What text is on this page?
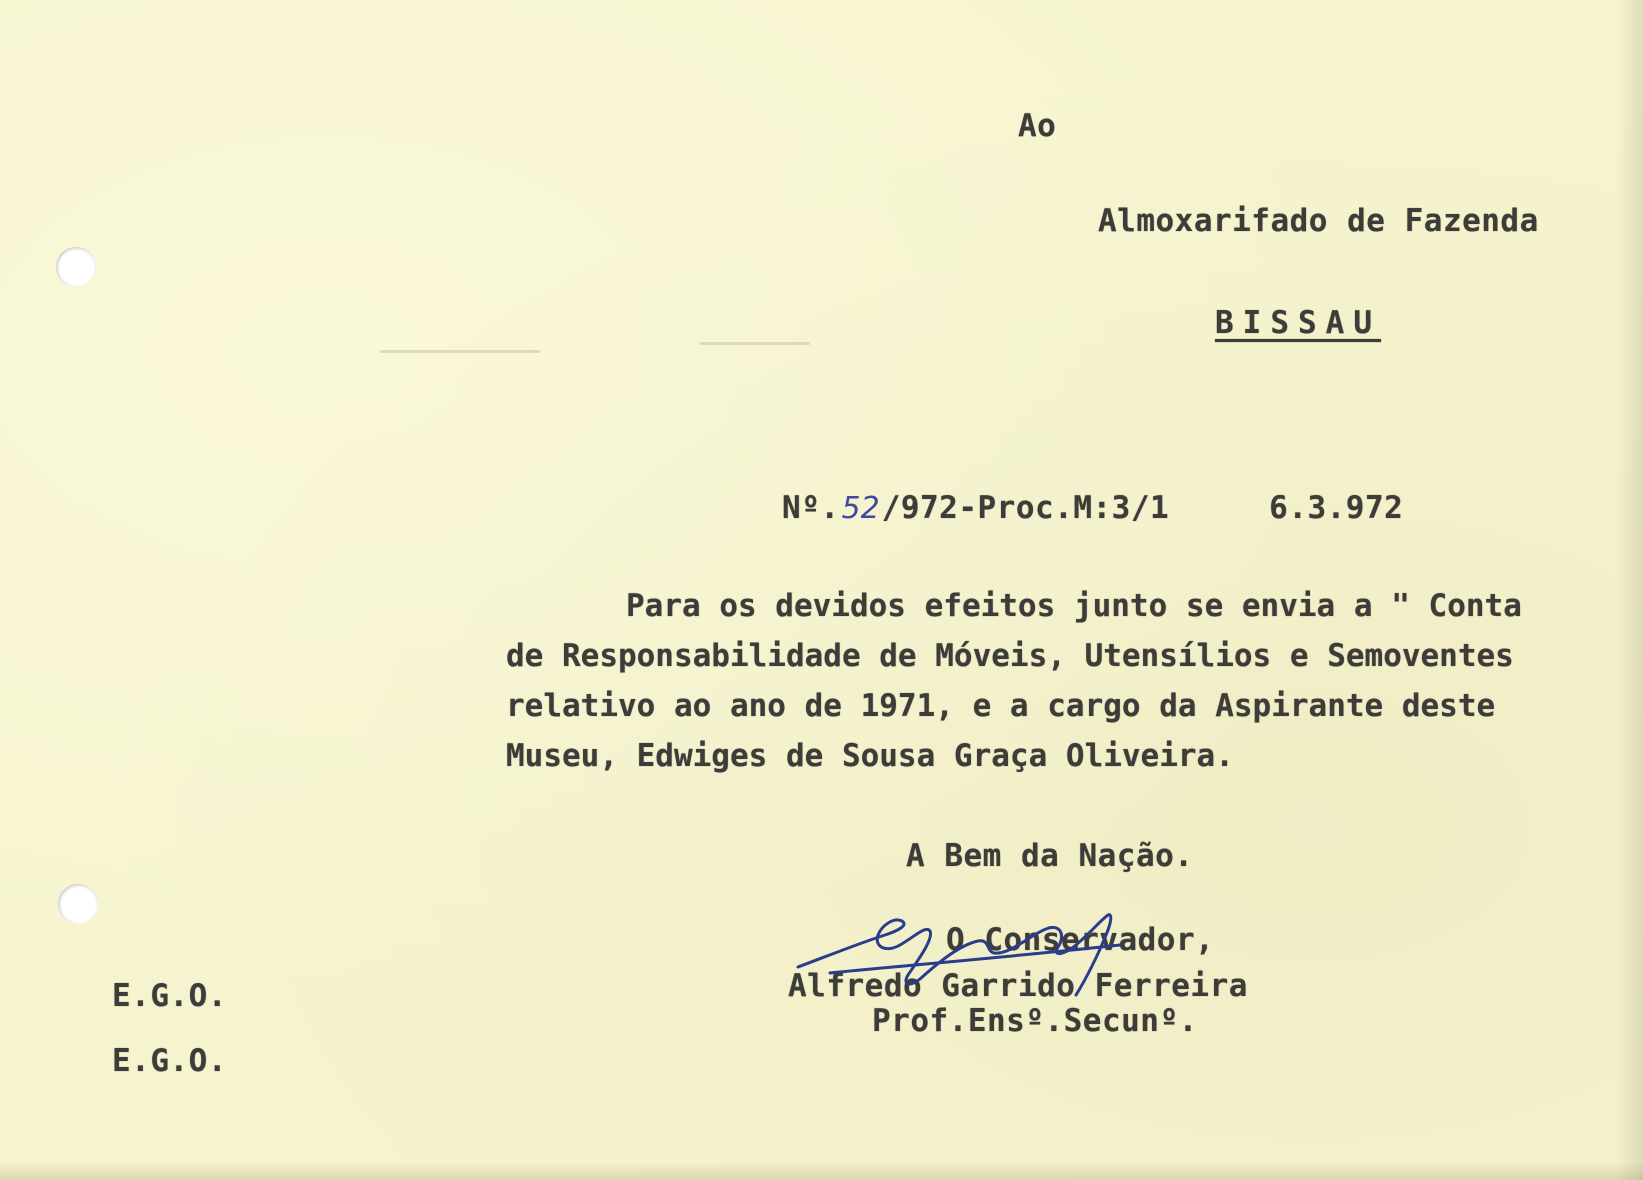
Ao
Almoxarifado de Fazenda
BISSAU
Nº.52/972-Proc.M:3/1	6.3.972
Para os devidos efeitos junto se envia a " Conta
de Responsabilidade de Móveis, Utensílios e Semoventes
relativo ao ano de 1971, e a cargo da Aspirante deste
Museu, Edwiges de Sousa Graça Oliveira.
A Bem da Nação.
O Conservador,
Alfredo Garrido Ferreira
Prof.Ensº.Secunº.
E.G.O.
E.G.O.
